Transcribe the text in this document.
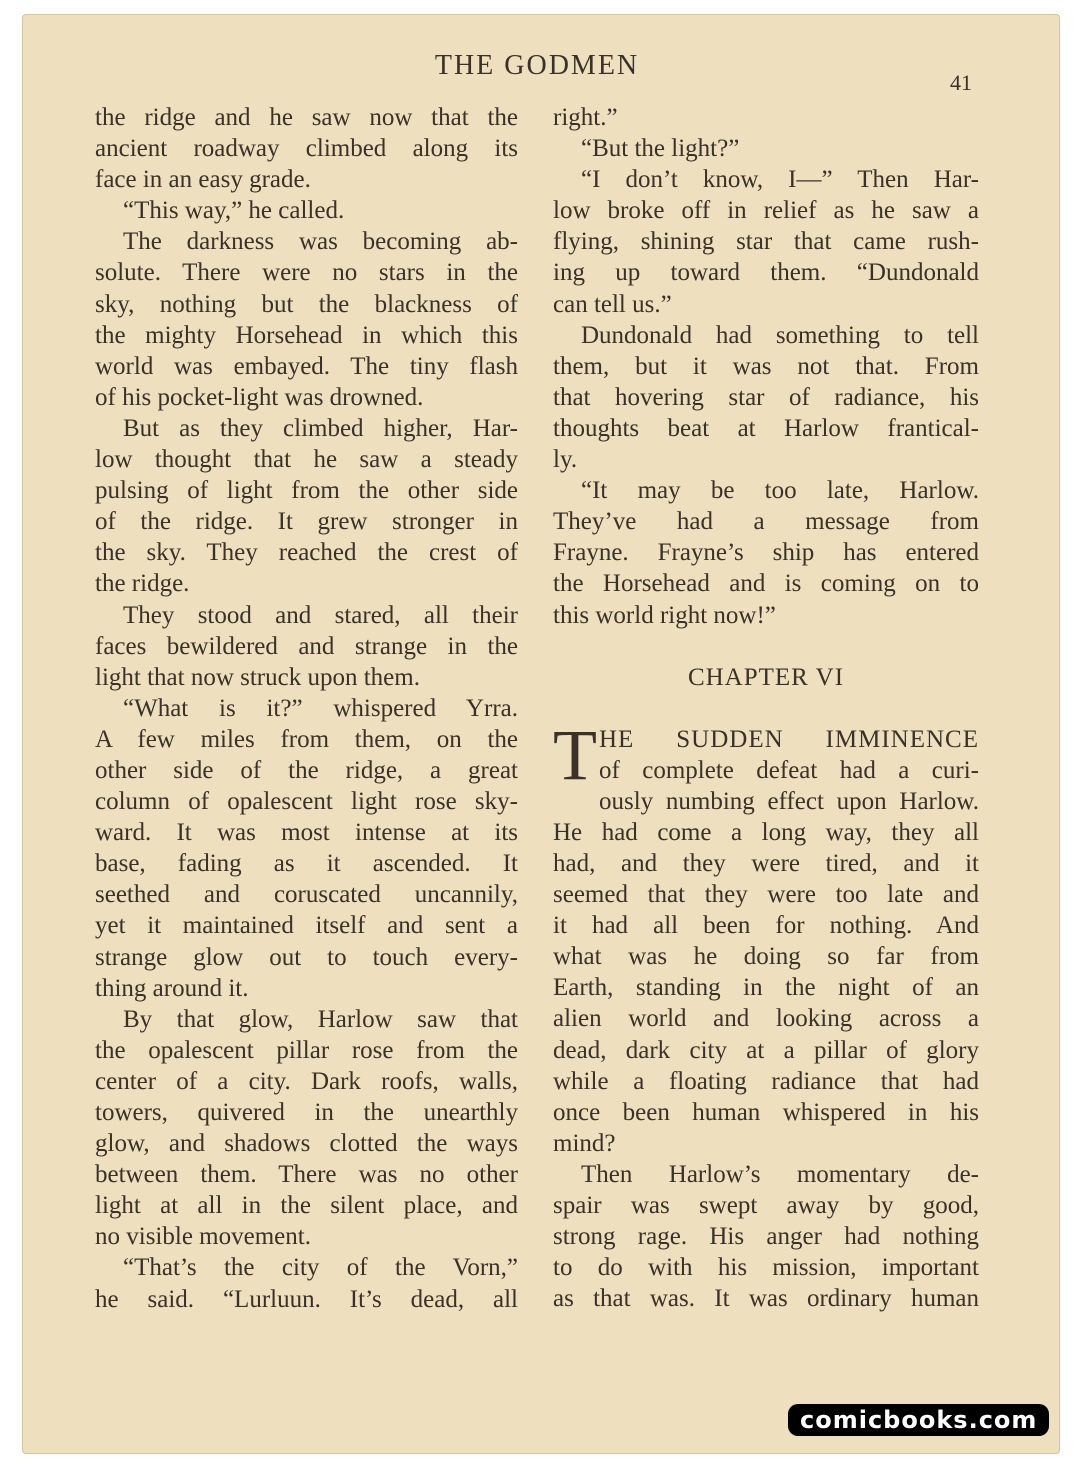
THE GODMEN
41
the ridge and he saw now that the
ancient roadway climbed along its
face in an easy grade.
“This way,” he called.
The darkness was becoming ab-
solute. There were no stars in the
sky, nothing but the blackness of
the mighty Horsehead in which this
world was embayed. The tiny flash
of his pocket-light was drowned.
But as they climbed higher, Har-
low thought that he saw a steady
pulsing of light from the other side
of the ridge. It grew stronger in
the sky. They reached the crest of
the ridge.
They stood and stared, all their
faces bewildered and strange in the
light that now struck upon them.
“What is it?” whispered Yrra.
A few miles from them, on the
other side of the ridge, a great
column of opalescent light rose sky-
ward. It was most intense at its
base, fading as it ascended. It
seethed and coruscated uncannily,
yet it maintained itself and sent a
strange glow out to touch every-
thing around it.
By that glow, Harlow saw that
the opalescent pillar rose from the
center of a city. Dark roofs, walls,
towers, quivered in the unearthly
glow, and shadows clotted the ways
between them. There was no other
light at all in the silent place, and
no visible movement.
“That’s the city of the Vorn,”
he said. “Lurluun. It’s dead, all
right.”
“But the light?”
“I don’t know, I—” Then Har-
low broke off in relief as he saw a
flying, shining star that came rush-
ing up toward them. “Dundonald
can tell us.”
Dundonald had something to tell
them, but it was not that. From
that hovering star of radiance, his
thoughts beat at Harlow frantical-
ly.
“It may be too late, Harlow.
They’ve had a message from
Frayne. Frayne’s ship has entered
the Horsehead and is coming on to
this world right now!”
CHAPTER VI
T HE SUDDEN IMMINENCE
of complete defeat had a curi-
ously numbing effect upon Harlow.
He had come a long way, they all
had, and they were tired, and it
seemed that they were too late and
it had all been for nothing. And
what was he doing so far from
Earth, standing in the night of an
alien world and looking across a
dead, dark city at a pillar of glory
while a floating radiance that had
once been human whispered in his
mind?
Then Harlow’s momentary de-
spair was swept away by good,
strong rage. His anger had nothing
to do with his mission, important
as that was. It was ordinary human
comicbooks.com
